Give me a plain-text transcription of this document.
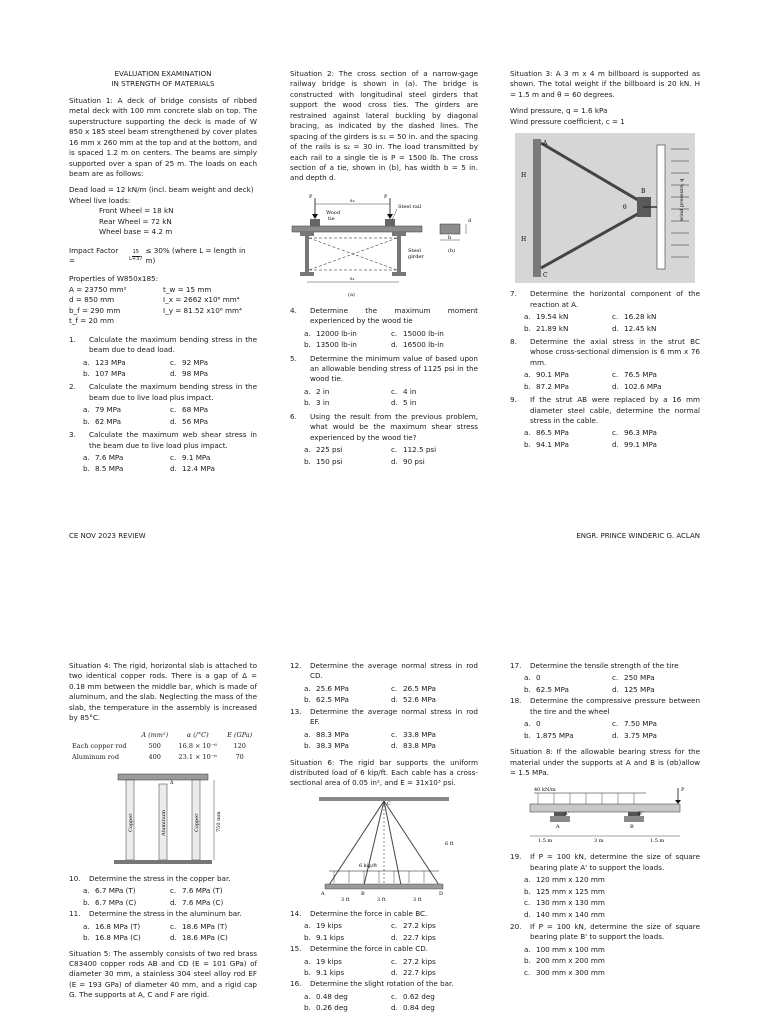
EVALUATION EXAMINATION
IN STRENGTH OF MATERIALS

Situation 1: A deck of bridge consists of ribbed metal deck with 100 mm concrete slab on top. The superstructure supporting the deck is made of W 850 x 185 steel beam strengthened by cover plates 16 mm x 260 mm at the top and at the bottom, and is spaced 1.2 m on centers. The beams are simply supported over a span of 25 m. The loads on each beam are as follows:

Dead load = 12 kN/m (incl. beam weight and deck)
Wheel live loads:
Front Wheel = 18 kN
Rear Wheel = 72 kN
Wheel base = 4.2 m
Impact Factor =	$\frac{15}{L+37} \le 30\%$ (where L = length in m)
Properties of W850x185:
A = 23750 mm²	t_w = 15 mm
d = 850 mm	I_x = 2662 x10⁶ mm⁴
b_f = 290 mm	I_y = 81.52 x10⁶ mm⁴
t_f = 20 mm
1.	Calculate the maximum bending stress in the beam due to dead load.
a. 123 MPa	c. 92 MPa
b. 107 MPa	d. 98 MPa
2.	Calculate the maximum bending stress in the beam due to live load plus impact.
a. 79 MPa	c. 68 MPa
b. 62 MPa	d. 56 MPa
3.	Calculate the maximum web shear stress in the beam due to live load plus impact.
a. 7.6 MPa	c. 9.1 MPa
b. 8.5 MPa	d. 12.4 MPa

Situation 2: The cross section of a narrow-gage railway bridge is shown in (a). The bridge is constructed with longitudinal steel girders that support the wood cross ties. The girders are restrained against lateral buckling by diagonal bracing, as indicated by the dashed lines. The spacing of the girders is s₁ = 50 in. and the spacing of the rails is s₂ = 30 in. The load transmitted by each rail to a single tie is P = 1500 lb. The cross section of a tie, shown in (b), has width b = 5 in. and depth d.

P	P
s₂
Steel rail
Wood
tie
Steel
girder
s₁
(a)
b
d
(b)
4.	Determine the maximum moment experienced by the wood tie
a. 12000 lb-in	c. 15000 lb-in
b. 13500 lb-in	d. 16500 lb-in
5.	Determine the minimum value of based upon an allowable bending stress of 1125 psi in the wood tie.
a. 2 in	c. 4 in
b. 3 in	d. 5 in
6.	Using the result from the previous problem, what would be the maximum shear stress experienced by the wood tie?
a. 225 psi	c. 112.5 psi
b. 150 psi	d. 90 psi

Situation 3: A 3 m x 4 m billboard is supported as shown. The total weight if the billboard is 20 kN. H = 1.5 m and θ = 60 degrees.

Wind pressure, q = 1.6 kPa
Wind pressure coefficient, c = 1
A
B
C
H
H
θ	wind pressure, q
7.	Determine the horizontal component of the reaction at A.
a. 19.54 kN	c. 16.28 kN
b. 21.89 kN	d. 12.45 kN
8.	Determine the axial stress in the strut BC whose cross-sectional dimension is 6 mm x 76 mm.
a. 90.1 MPa	c. 76.5 MPa
b. 87.2 MPa	d. 102.6 MPa
9.	If the strut AB were replaced by a 16 mm diameter steel cable, determine the normal stress in the cable.
a. 86.5 MPa	c. 96.3 MPa
b. 94.1 MPa	d. 99.1 MPa
CE NOV 2023 REVIEW	ENGR. PRINCE WINDERIC G. ACLAN

Situation 4: The rigid, horizontal slab is attached to two identical copper rods. There is a gap of Δ = 0.18 mm between the middle bar, which is made of aluminum, and the slab. Neglecting the mass of the slab, the temperature in the assembly is increased by 85°C.

	A (mm²)	α (/°C)	E (GPa)
Each copper rod	500	16.8 × 10⁻⁶	120
Aluminum rod	400	23.1 × 10⁻⁶	70
Δ
Copper	Aluminum	Copper	750 mm
10.	Determine the stress in the copper bar.
a. 6.7 MPa (T)	c. 7.6 MPa (T)
b. 6.7 MPa (C)	d. 7.6 MPa (C)
11.	Determine the stress in the aluminum bar.
a. 16.8 MPa (T)	c. 18.6 MPa (T)
b. 16.8 MPa (C)	d. 18.6 MPa (C)

Situation 5: The assembly consists of two red brass C83400 copper rods AB and CD (E = 101 GPa) of diameter 30 mm, a stainless 304 steel alloy rod EF (E = 193 GPa) of diameter 40 mm, and a rigid cap G. The supports at A, C and F are rigid.

12.	Determine the average normal stress in rod CD.
a. 25.6 MPa	c. 26.5 MPa
b. 62.5 MPa	d. 52.6 MPa
13.	Determine the average normal stress in rod EF.
a. 88.3 MPa	c. 33.8 MPa
b. 38.3 MPa	d. 83.8 MPa

Situation 6: The rigid bar supports the uniform distributed load of 6 kip/ft. Each cable has a cross-sectional area of 0.05 in², and E = 31x10³ psi.

6 kip/ft
A	B
C
D
6 ft
3 ft	3 ft	3 ft
14.	Determine the force in cable BC.
a. 19 kips	c. 27.2 kips
b. 9.1 kips	d. 22.7 kips
15.	Determine the force in cable CD.
a. 19 kips	c. 27.2 kips
b. 9.1 kips	d. 22.7 kips
16.	Determine the slight rotation of the bar.
a. 0.48 deg	c. 0.62 deg
b. 0.26 deg	d. 0.84 deg
17.	Determine the tensile strength of the tire
a. 0	c. 250 MPa
b. 62.5 MPa	d. 125 MPa
18.	Determine the compressive pressure between the tire and the wheel
a. 0	c. 7.50 MPa
b. 1.875 MPa	d. 3.75 MPa

Situation 8: If the allowable bearing stress for the material under the supports at A and B is (σb)allow = 1.5 MPa.

40 kN/m	P
A
A'
B
B'
1.5 m	3 m	1.5 m
19.	If P = 100 kN, determine the size of square bearing plate A' to support the loads.
a. 120 mm x 120 mm
b. 125 mm x 125 mm
c. 130 mm x 130 mm
d. 140 mm x 140 mm
20.	If P = 100 kN, determine the size of square bearing plate B' to support the loads.
a. 100 mm x 100 mm
b. 200 mm x 200 mm
c. 300 mm x 300 mm
